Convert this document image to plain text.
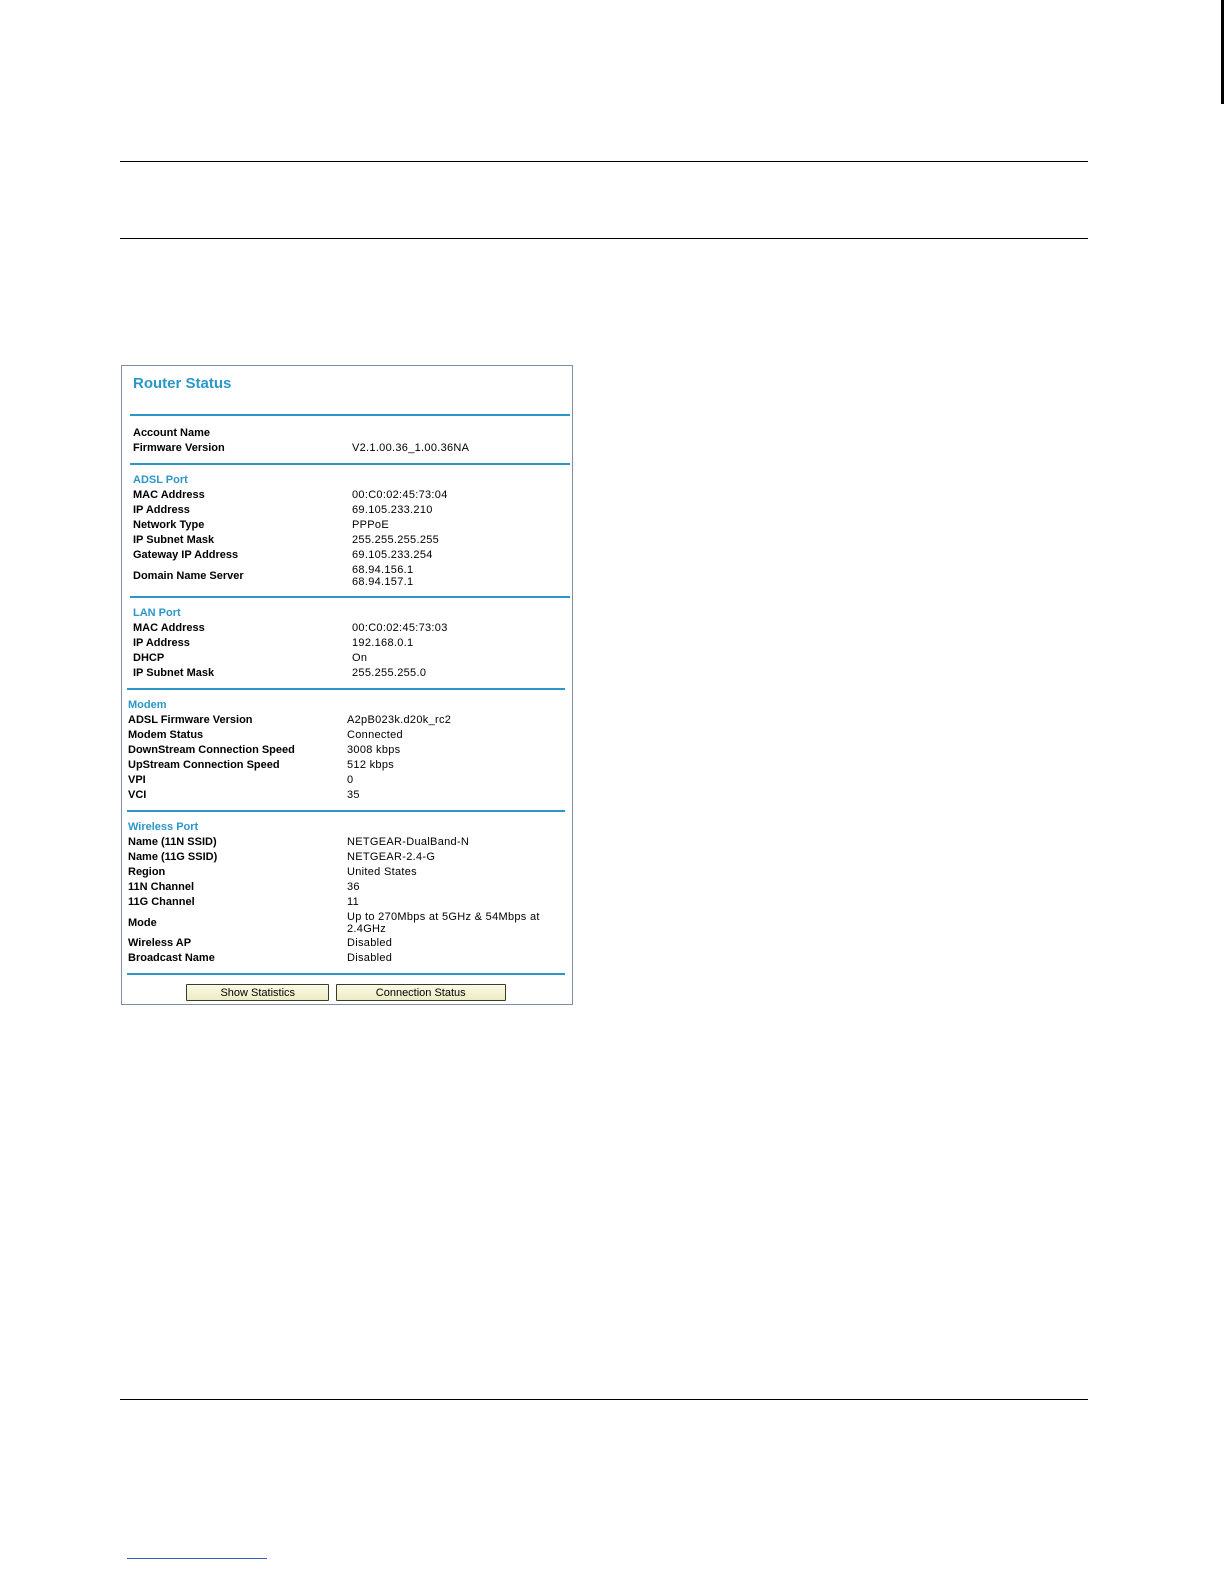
Router Status
Account Name
Firmware Version	V2.1.00.36_1.00.36NA
ADSL Port
MAC Address	00:C0:02:45:73:04
IP Address	69.105.233.210
Network Type	PPPoE
IP Subnet Mask	255.255.255.255
Gateway IP Address	69.105.233.254
Domain Name Server	68.94.156.1
68.94.157.1
LAN Port
MAC Address	00:C0:02:45:73:03
IP Address	192.168.0.1
DHCP	On
IP Subnet Mask	255.255.255.0
Modem
ADSL Firmware Version	A2pB023k.d20k_rc2
Modem Status	Connected
DownStream Connection Speed	3008 kbps
UpStream Connection Speed	512 kbps
VPI	0
VCI	35
Wireless Port
Name (11N SSID)	NETGEAR-DualBand-N
Name (11G SSID)	NETGEAR-2.4-G
Region	United States
11N Channel	36
11G Channel	11
Mode	Up to 270Mbps at 5GHz & 54Mbps at
2.4GHz
Wireless AP	Disabled
Broadcast Name	Disabled
Show Statistics	Connection Status
